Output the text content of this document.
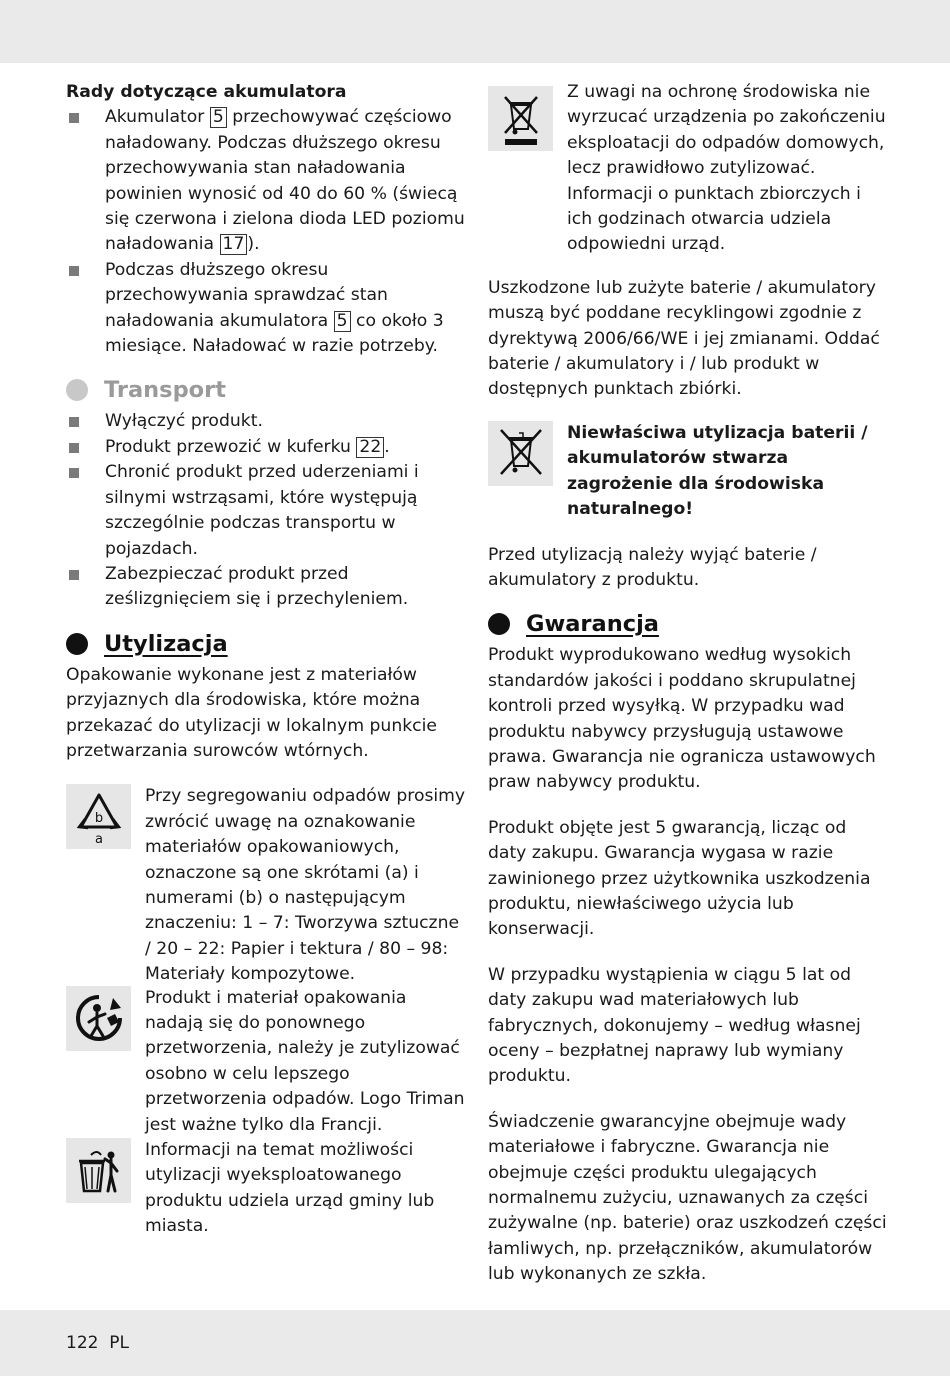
Rady dotyczące akumulatora

Akumulator 5 przechowywać częściowo naładowany. Podczas dłuższego okresu przechowywania stan naładowania powinien wynosić od 40 do 60 % (świecą się czerwona i zielona dioda LED poziomu naładowania 17 ).
Podczas dłuższego okresu przechowywania sprawdzać stan naładowania akumulatora 5 co około 3 miesiące. Naładować w razie potrzeby.
Transport
Wyłączyć produkt.
Produkt przewozić w kuferku 22 .
Chronić produkt przed uderzeniami i silnymi wstrząsami, które występują szczególnie podczas transportu w pojazdach.
Zabezpieczać produkt przed ześlizgnięciem się i przechyleniem.
Utylizacja

Opakowanie wykonane jest z materiałów przyjaznych dla środowiska, które można przekazać do utylizacji w lokalnym punkcie przetwarzania surowców wtórnych.

b
a

Przy segregowaniu odpadów prosimy zwrócić uwagę na oznakowanie materiałów opakowaniowych, oznaczone są one skrótami (a) i numerami (b) o następującym znaczeniu: 1 – 7: Tworzywa sztuczne / 20 – 22: Papier i tektura / 80 – 98: Materiały kompozytowe.

Produkt i materiał opakowania nadają się do ponownego przetworzenia, należy je zutylizować osobno w celu lepszego przetworzenia odpadów. Logo Triman jest ważne tylko dla Francji.

Informacji na temat możliwości utylizacji wyeksploatowanego produktu udziela urząd gminy lub miasta.

Z uwagi na ochronę środowiska nie wyrzucać urządzenia po zakończeniu eksploatacji do odpadów domowych, lecz prawidłowo zutylizować. Informacji o punktach zbiorczych i ich godzinach otwarcia udziela odpowiedni urząd.

Uszkodzone lub zużyte baterie / akumulatory muszą być poddane recyklingowi zgodnie z dyrektywą 2006/66/WE i jej zmianami. Oddać baterie / akumulatory i / lub produkt w dostępnych punktach zbiórki.

Niewłaściwa utylizacja baterii / akumulatorów stwarza zagrożenie dla środowiska naturalnego!

Przed utylizacją należy wyjąć baterie / akumulatory z produktu.

Gwarancja

Produkt wyprodukowano według wysokich standardów jakości i poddano skrupulatnej kontroli przed wysyłką. W przypadku wad produktu nabywcy przysługują ustawowe prawa. Gwarancja nie ogranicza ustawowych praw nabywcy produktu.

Produkt objęte jest 5 gwarancją, licząc od daty zakupu. Gwarancja wygasa w razie zawinionego przez użytkownika uszkodzenia produktu, niewłaściwego użycia lub konserwacji.

W przypadku wystąpienia w ciągu 5 lat od daty zakupu wad materiałowych lub fabrycznych, dokonujemy – według własnej oceny – bezpłatnej naprawy lub wymiany produktu.

Świadczenie gwarancyjne obejmuje wady materiałowe i fabryczne. Gwarancja nie obejmuje części produktu ulegających normalnemu zużyciu, uznawanych za części zużywalne (np. baterie) oraz uszkodzeń części łamliwych, np. przełączników, akumulatorów lub wykonanych ze szkła.

122  PL
